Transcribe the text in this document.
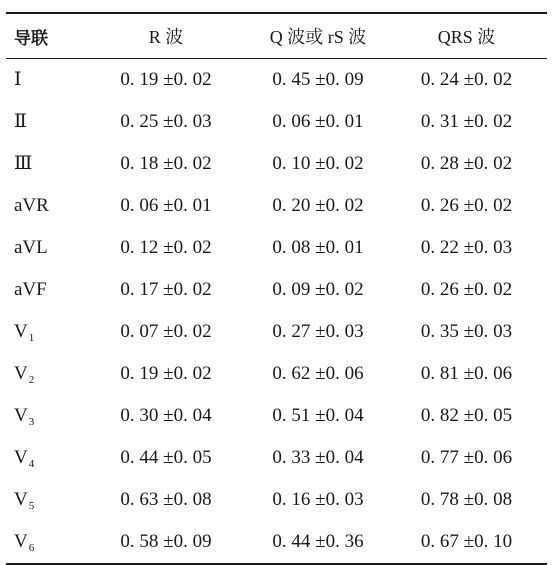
导联	R 波	Q 波或 rS 波	QRS 波
Ⅰ	0. 19 ±0. 02	0. 45 ±0. 09	0. 24 ±0. 02
Ⅱ	0. 25 ±0. 03	0. 06 ±0. 01	0. 31 ±0. 02
Ⅲ	0. 18 ±0. 02	0. 10 ±0. 02	0. 28 ±0. 02
aVR	0. 06 ±0. 01	0. 20 ±0. 02	0. 26 ±0. 02
aVL	0. 12 ±0. 02	0. 08 ±0. 01	0. 22 ±0. 03
aVF	0. 17 ±0. 02	0. 09 ±0. 02	0. 26 ±0. 02
$V_1$	0. 07 ±0. 02	0. 27 ±0. 03	0. 35 ±0. 03
$V_2$	0. 19 ±0. 02	0. 62 ±0. 06	0. 81 ±0. 06
$V_3$	0. 30 ±0. 04	0. 51 ±0. 04	0. 82 ±0. 05
$V_4$	0. 44 ±0. 05	0. 33 ±0. 04	0. 77 ±0. 06
$V_5$	0. 63 ±0. 08	0. 16 ±0. 03	0. 78 ±0. 08
$V_6$	0. 58 ±0. 09	0. 44 ±0. 36	0. 67 ±0. 10
